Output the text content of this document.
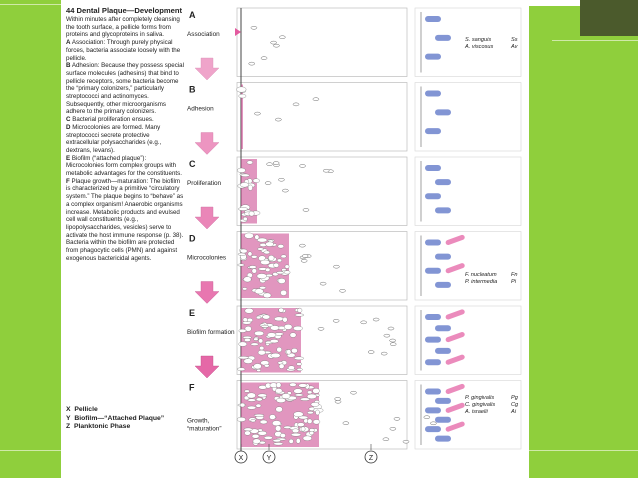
44 Dental Plaque—Development

Within minutes after completely cleansing the tooth surface, a pellicle forms from proteins and glycoproteins in saliva.

A Association: Through purely physical forces, bacteria associate loosely with the pellicle.

B Adhesion: Because they possess special surface molecules (adhesins) that bind to pellicle receptors, some bacteria become the “primary colonizers,” particularly streptococci and actinomyces. Subsequently, other microorganisms adhere to the primary colonizers.

C Bacterial proliferation ensues.

D Microcolonies are formed. Many streptococci secrete protective extracellular polysaccharides (e.g., dextrans, levans).

E Biofilm (“attached plaque”): Microcolonies form complex groups with metabolic advantages for the constituents.

F Plaque growth—maturation: The biofilm is characterized by a primitive “circulatory system.” The plaque begins to “behave” as a complex organism! Anaerobic organisms increase. Metabolic products and evulsed cell wall constituents (e.g., lipopolysaccharides, vesicles) serve to activate the host immune response (p. 38). Bacteria within the biofilm are protected from phagocytic cells (PMN) and against exogenous bactericidal agents.

X Pellicle
Y Biofilm—“Attached Plaque”
Z Planktonic Phase
A
Association
B
Adhesion
C
Proliferation
D
Microcolonies
E
Biofilm formation
F
Growth,
“maturation”
S. sanguis	Ss
A. viscosus	Av
F. nucleatum	Fn
P. intermedia Pi
P. gingivalis	Pg
C. gingivalis	Cg
A. israelii	Ai
X	Y	Z
